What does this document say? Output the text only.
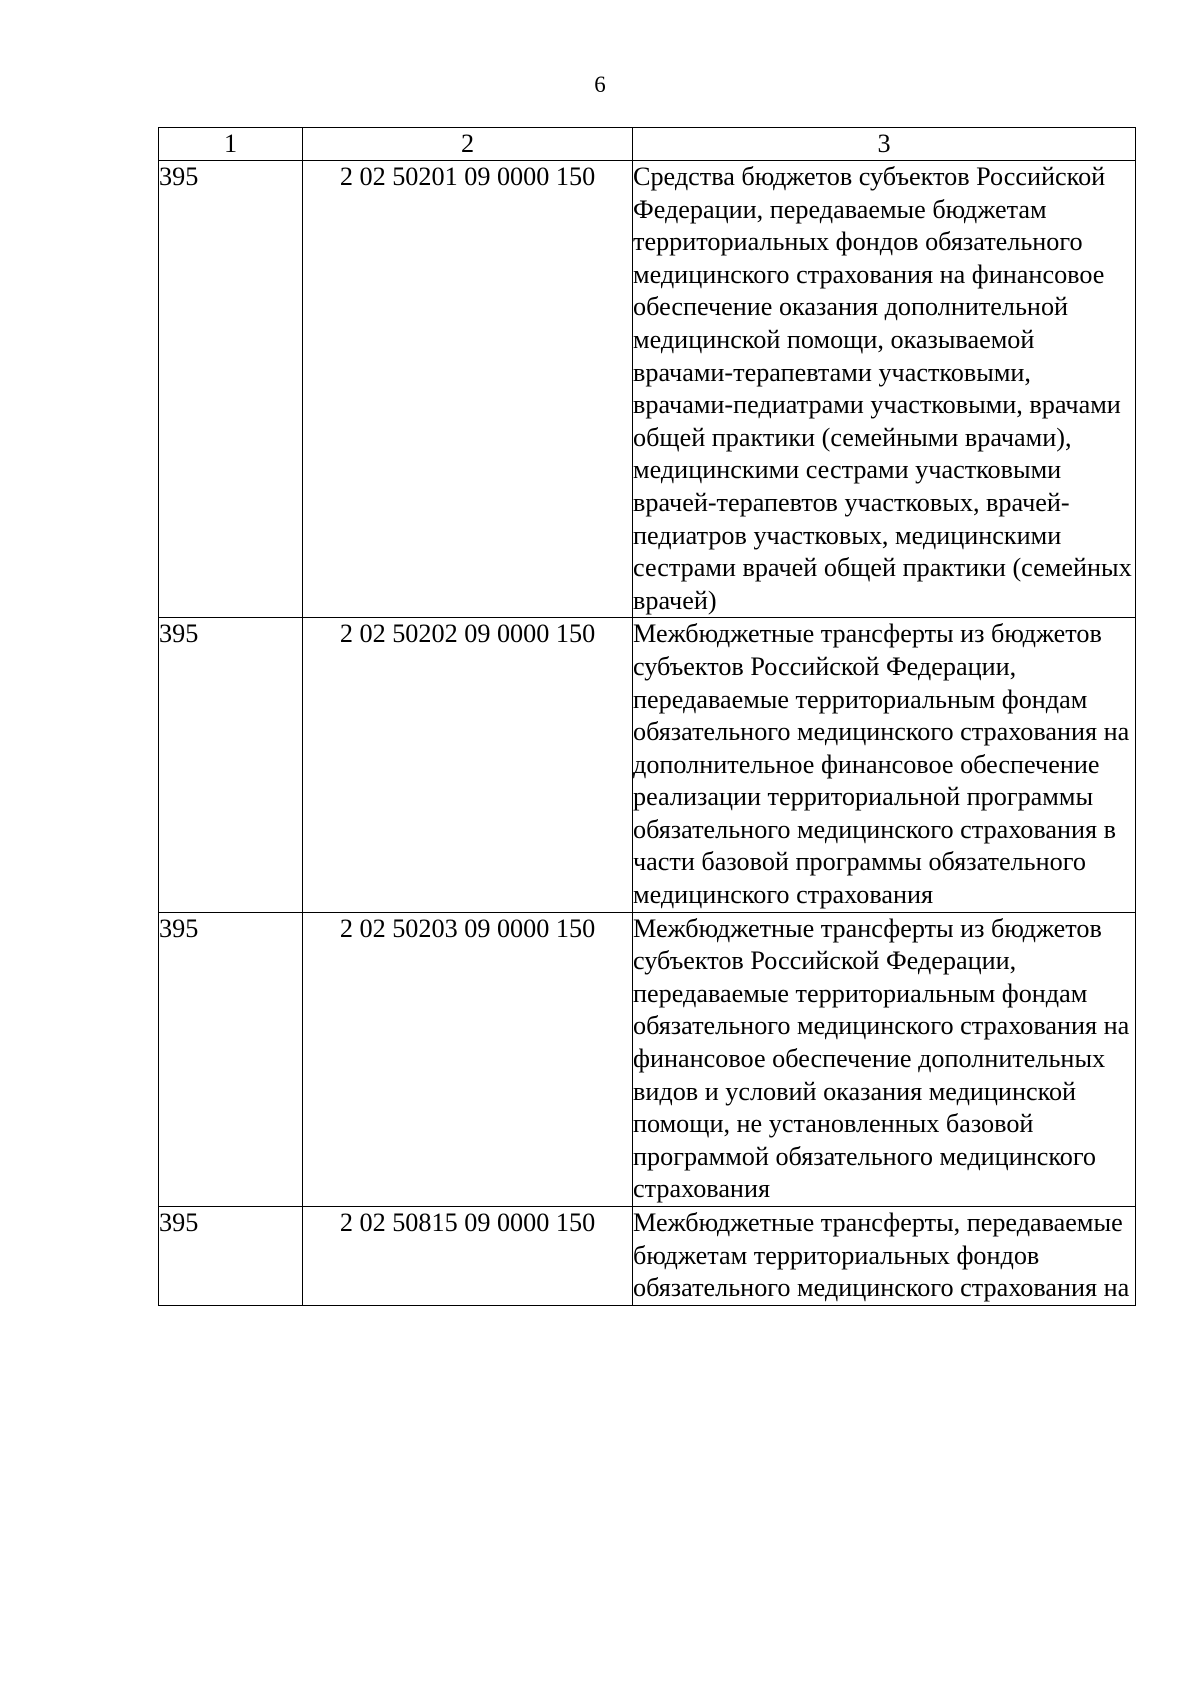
6
1	2	3
395	2 02 50201 09 0000 150	Средства бюджетов субъектов Российской Федерации, передаваемые бюджетам территориальных фондов обязательного медицинского страхования на финансовое обеспечение оказания дополнительной медицинской помощи, оказываемой врачами-терапевтами участковыми, врачами-педиатрами участковыми, врачами общей практики (семейными врачами), медицинскими сестрами участковыми врачей-терапевтов участковых, врачей-педиатров участковых, медицинскими сестрами врачей общей практики (семейных врачей)
395	2 02 50202 09 0000 150	Межбюджетные трансферты из бюджетов субъектов Российской Федерации, передаваемые территориальным фондам обязательного медицинского страхования на дополнительное финансовое обеспечение реализации территориальной программы обязательного медицинского страхования в части базовой программы обязательного медицинского страхования
395	2 02 50203 09 0000 150	Межбюджетные трансферты из бюджетов субъектов Российской Федерации, передаваемые территориальным фондам обязательного медицинского страхования на финансовое обеспечение дополнительных видов и условий оказания медицинской помощи, не установленных базовой программой обязательного медицинского страхования
395	2 02 50815 09 0000 150	Межбюджетные трансферты, передаваемые бюджетам территориальных фондов обязательного медицинского страхования на
